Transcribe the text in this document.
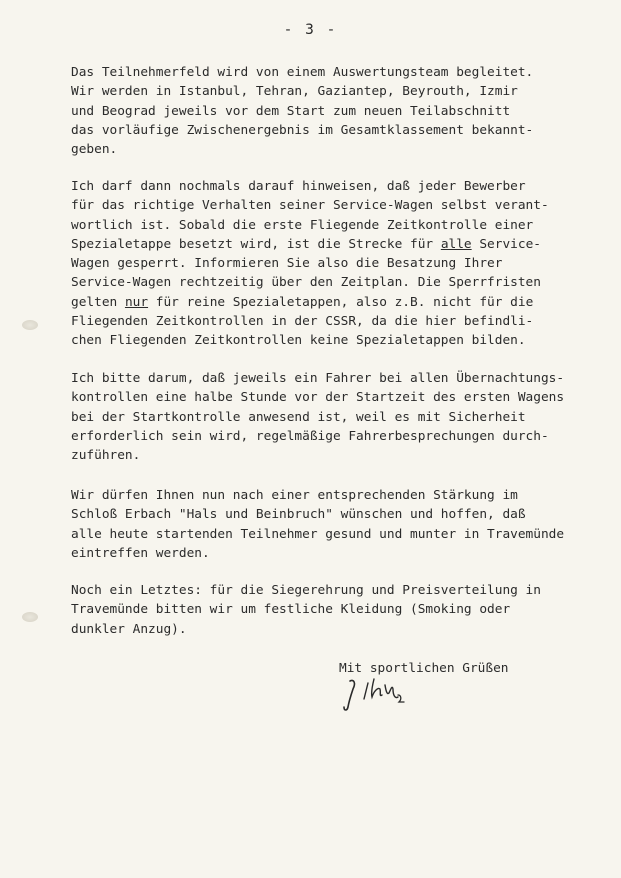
- 3 -
Das Teilnehmerfeld wird von einem Auswertungsteam begleitet.
Wir werden in Istanbul, Tehran, Gaziantep, Beyrouth, Izmir
und Beograd jeweils vor dem Start zum neuen Teilabschnitt
das vorläufige Zwischenergebnis im Gesamtklassement bekannt-
geben.
Ich darf dann nochmals darauf hinweisen, daß jeder Bewerber
für das richtige Verhalten seiner Service-Wagen selbst verant-
wortlich ist. Sobald die erste Fliegende Zeitkontrolle einer
Spezialetappe besetzt wird, ist die Strecke für alle Service-
Wagen gesperrt. Informieren Sie also die Besatzung Ihrer
Service-Wagen rechtzeitig über den Zeitplan. Die Sperrfristen
gelten nur für reine Spezialetappen, also z.B. nicht für die
Fliegenden Zeitkontrollen in der CSSR, da die hier befindli-
chen Fliegenden Zeitkontrollen keine Spezialetappen bilden.
Ich bitte darum, daß jeweils ein Fahrer bei allen Übernachtungs-
kontrollen eine halbe Stunde vor der Startzeit des ersten Wagens
bei der Startkontrolle anwesend ist, weil es mit Sicherheit
erforderlich sein wird, regelmäßige Fahrerbesprechungen durch-
zuführen.
Wir dürfen Ihnen nun nach einer entsprechenden Stärkung im
Schloß Erbach "Hals und Beinbruch" wünschen und hoffen, daß
alle heute startenden Teilnehmer gesund und munter in Travemünde
eintreffen werden.
Noch ein Letztes: für die Siegerehrung und Preisverteilung in
Travemünde bitten wir um festliche Kleidung (Smoking oder
dunkler Anzug).
Mit sportlichen Grüßen
